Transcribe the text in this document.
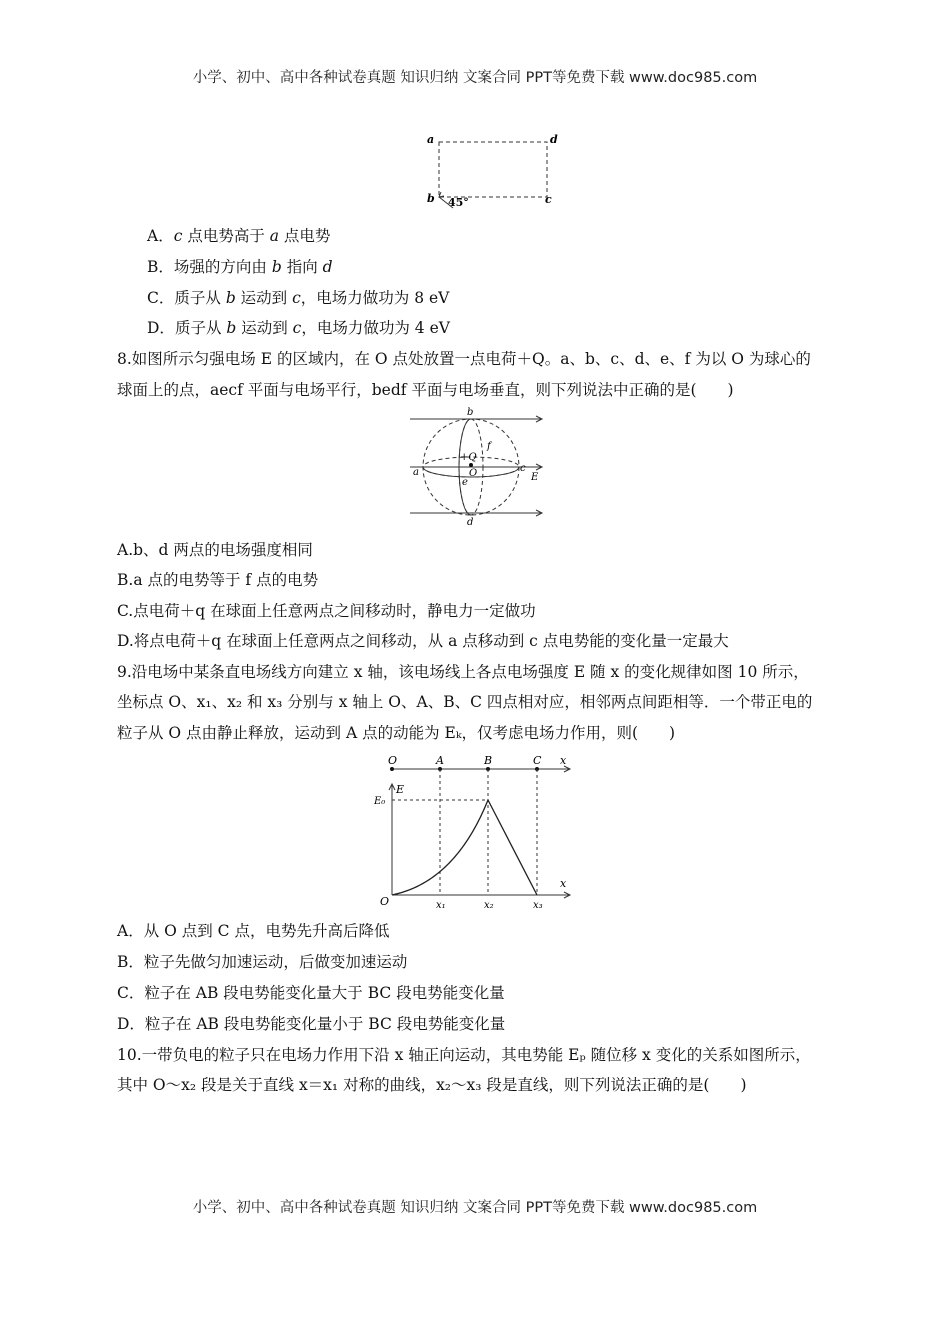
小学、初中、高中各种试卷真题 知识归纳 文案合同 PPT等免费下载 www.doc985.com
a	d
b	c
45°
A．c 点电势高于 a 点电势
B．场强的方向由 b 指向 d
C．质子从 b 运动到 c，电场力做功为 8 eV
D．质子从 b 运动到 c，电场力做功为 4 eV
8.如图所示匀强电场 E 的区域内，在 O 点处放置一点电荷＋Q。a、b、c、d、e、f 为以 O 为球心的
球面上的点，aecf 平面与电场平行，bedf 平面与电场垂直，则下列说法中正确的是(　　)
b
d
a	c
e
f
O
+Q
E
A.b、d 两点的电场强度相同
B.a 点的电势等于 f 点的电势
C.点电荷＋q 在球面上任意两点之间移动时，静电力一定做功
D.将点电荷＋q 在球面上任意两点之间移动，从 a 点移动到 c 点电势能的变化量一定最大
9.沿电场中某条直电场线方向建立 x 轴，该电场线上各点电场强度 E 随 x 的变化规律如图 10 所示，
坐标点 O、x₁、x₂ 和 x₃ 分别与 x 轴上 O、A、B、C 四点相对应，相邻两点间距相等．一个带正电的
粒子从 O 点由静止释放，运动到 A 点的动能为 Eₖ，仅考虑电场力作用，则(　　)
O	A	B	C x
E
E₀
O
x
x₁	x₂	x₃
A．从 O 点到 C 点，电势先升高后降低
B．粒子先做匀加速运动，后做变加速运动
C．粒子在 AB 段电势能变化量大于 BC 段电势能变化量
D．粒子在 AB 段电势能变化量小于 BC 段电势能变化量
10.一带负电的粒子只在电场力作用下沿 x 轴正向运动，其电势能 Eₚ 随位移 x 变化的关系如图所示，
其中 O～x₂ 段是关于直线 x＝x₁ 对称的曲线，x₂～x₃ 段是直线，则下列说法正确的是(　　)
小学、初中、高中各种试卷真题 知识归纳 文案合同 PPT等免费下载 www.doc985.com
